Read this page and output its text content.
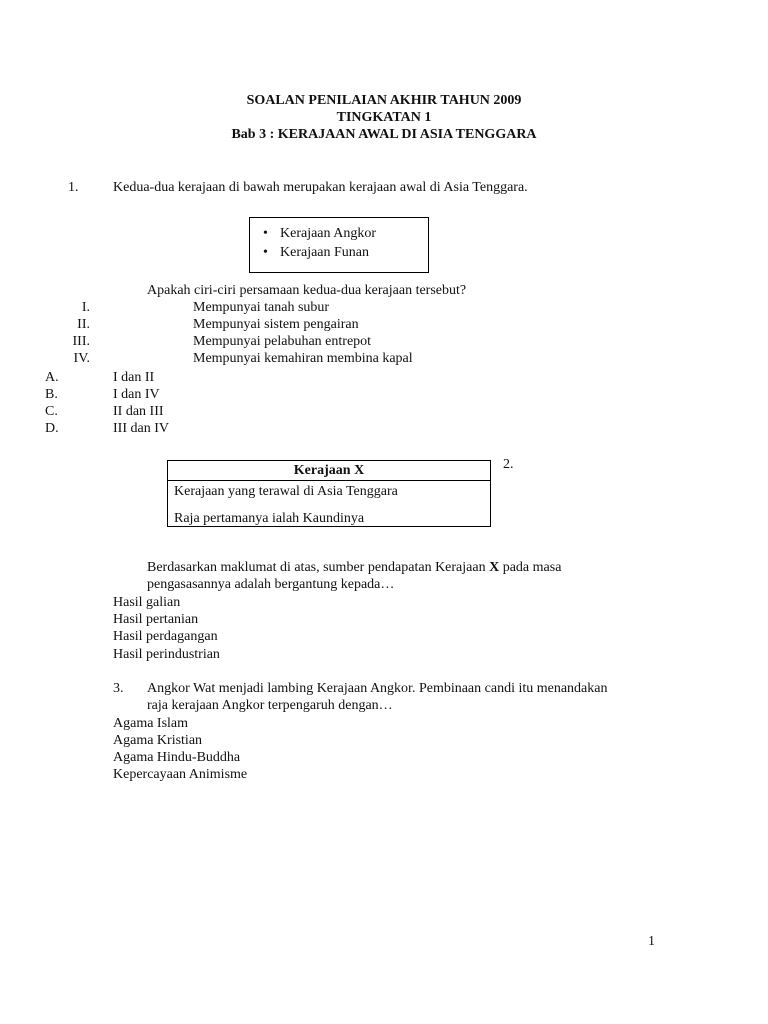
SOALAN PENILAIAN AKHIR TAHUN 2009
TINGKATAN 1
Bab 3 : KERAJAAN AWAL DI ASIA TENGGARA
1. Kedua-dua kerajaan di bawah merupakan kerajaan awal di Asia Tenggara.
• Kerajaan Angkor
• Kerajaan Funan
Apakah ciri-ciri persamaan kedua-dua kerajaan tersebut?
I.	Mempunyai tanah subur
II.	Mempunyai sistem pengairan
III.	Mempunyai pelabuhan entrepot
IV.	Mempunyai kemahiran membina kapal
A.	I dan II
B.	I dan IV
C.	II dan III
D.	III dan IV
2.
Kerajaan X
Kerajaan yang terawal di Asia Tenggara
Raja pertamanya ialah Kaundinya
Berdasarkan maklumat di atas, sumber pendapatan Kerajaan X pada masa
pengasasannya adalah bergantung kepada…
Hasil galian
Hasil pertanian
Hasil perdagangan
Hasil perindustrian
3. Angkor Wat menjadi lambing Kerajaan Angkor. Pembinaan candi itu menandakan
raja kerajaan Angkor terpengaruh dengan…
Agama Islam
Agama Kristian
Agama Hindu-Buddha
Kepercayaan Animisme
1
